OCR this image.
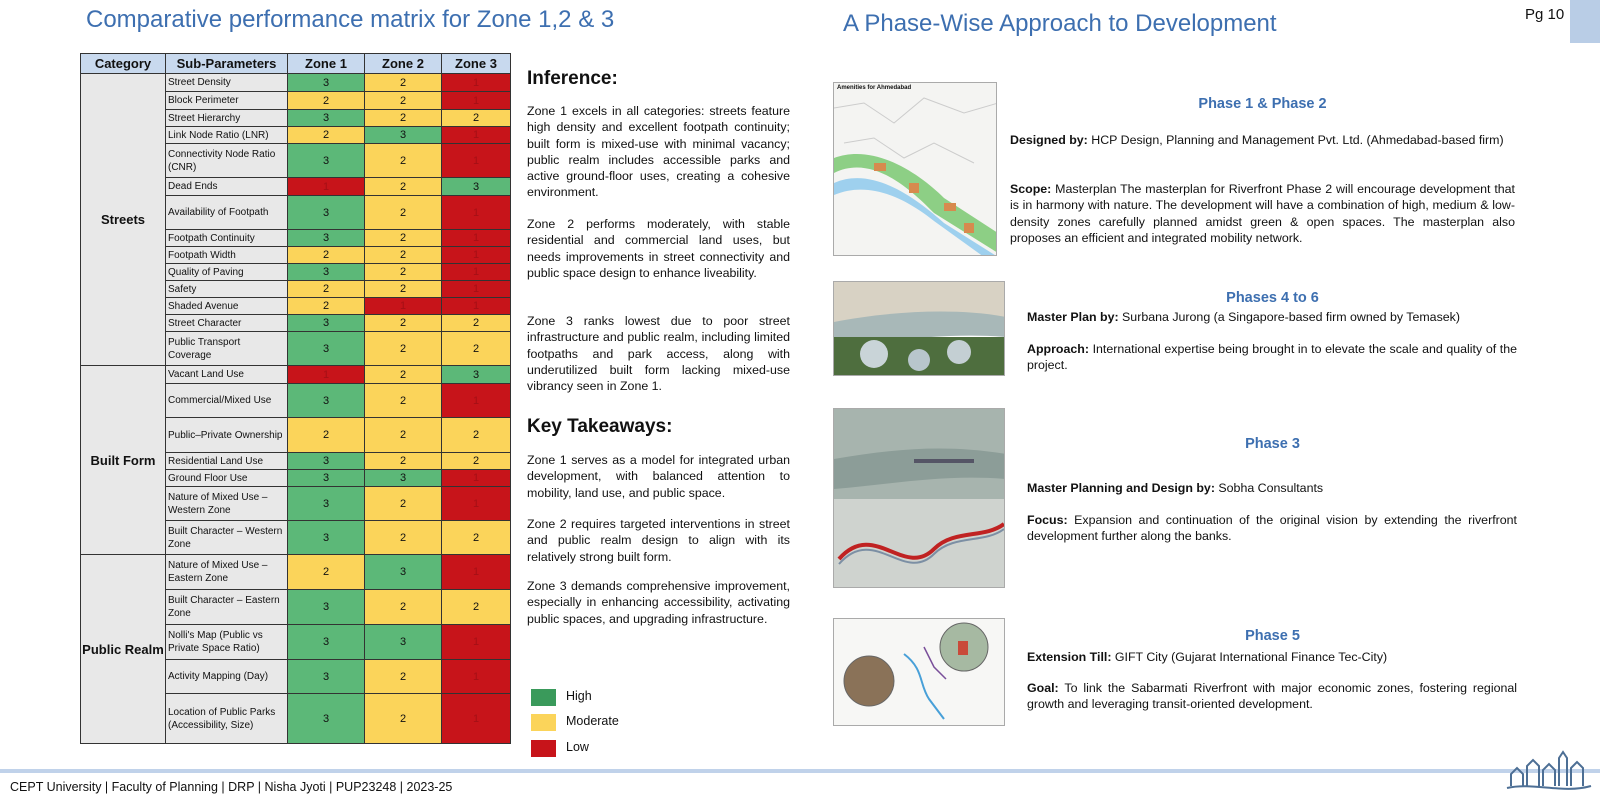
Comparative performance matrix for Zone 1,2 & 3	A Phase-Wise Approach to Development	Pg 10
Category	Sub-Parameters	Zone 1	Zone 2	Zone 3
Streets	Street Density	3	2	1
	Block Perimeter	2	2	1
	Street Hierarchy	3	2	2
	Link Node Ratio (LNR)	2	3	1
	Connectivity Node Ratio (CNR)	3	2	1
	Dead Ends	1	2	3
	Availability of Footpath	3	2	1
	Footpath Continuity	3	2	1
	Footpath Width	2	2	1
	Quality of Paving	3	2	1
	Safety	2	2	1
	Shaded Avenue	2	1	1
	Street Character	3	2	2
	Public Transport Coverage	3	2	2
Built Form	Vacant Land Use	1	2	3
	Commercial/Mixed Use	3	2	1
	Public–Private Ownership	2	2	2
	Residential Land Use	3	2	2
	Ground Floor Use	3	3	1
	Nature of Mixed Use – Western Zone	3	2	1
	Built Character – Western Zone	3	2	2
Public Realm	Nature of Mixed Use – Eastern Zone	2	3	1
	Built Character – Eastern Zone	3	2	2
	Nolli's Map (Public vs Private Space Ratio)	3	3	1
	Activity Mapping (Day)	3	2	1
	Location of Public Parks (Accessibility, Size)	3	2	1
Inference:
Zone 1 excels in all categories: streets feature high density and excellent footpath continuity; built form is mixed-use with minimal vacancy; public realm includes accessible parks and active ground-floor uses, creating a cohesive environment.
Zone 2 performs moderately, with stable residential and commercial land uses, but needs improvements in street connectivity and public space design to enhance liveability.
Zone 3 ranks lowest due to poor street infrastructure and public realm, including limited footpaths and park access, along with underutilized built form lacking mixed-use vibrancy seen in Zone 1.
Key Takeaways:
Zone 1 serves as a model for integrated urban development, with balanced attention to mobility, land use, and public space.
Zone 2 requires targeted interventions in street and public realm design to align with its relatively strong built form.
Zone 3 demands comprehensive improvement, especially in enhancing accessibility, activating public spaces, and upgrading infrastructure.
High
Moderate
Low
Amenities for Ahmedabad
Phase 1 & Phase 2
Designed by: HCP Design, Planning and Management Pvt. Ltd. (Ahmedabad-based firm)
Scope: Masterplan The masterplan for Riverfront Phase 2 will encourage development that is in harmony with nature. The development will have a combination of high, medium & low-density zones carefully planned amidst green & open spaces. The masterplan also proposes an efficient and integrated mobility network.
Phases 4 to 6
Master Plan by: Surbana Jurong (a Singapore-based firm owned by Temasek)
Approach: International expertise being brought in to elevate the scale and quality of the project.
Phase 3
Master Planning and Design by: Sobha Consultants
Focus: Expansion and continuation of the original vision by extending the riverfront development further along the banks.
Phase 5
Extension Till: GIFT City (Gujarat International Finance Tec-City)
Goal: To link the Sabarmati Riverfront with major economic zones, fostering regional growth and leveraging transit-oriented development.
CEPT University | Faculty of Planning | DRP | Nisha Jyoti | PUP23248 | 2023-25
